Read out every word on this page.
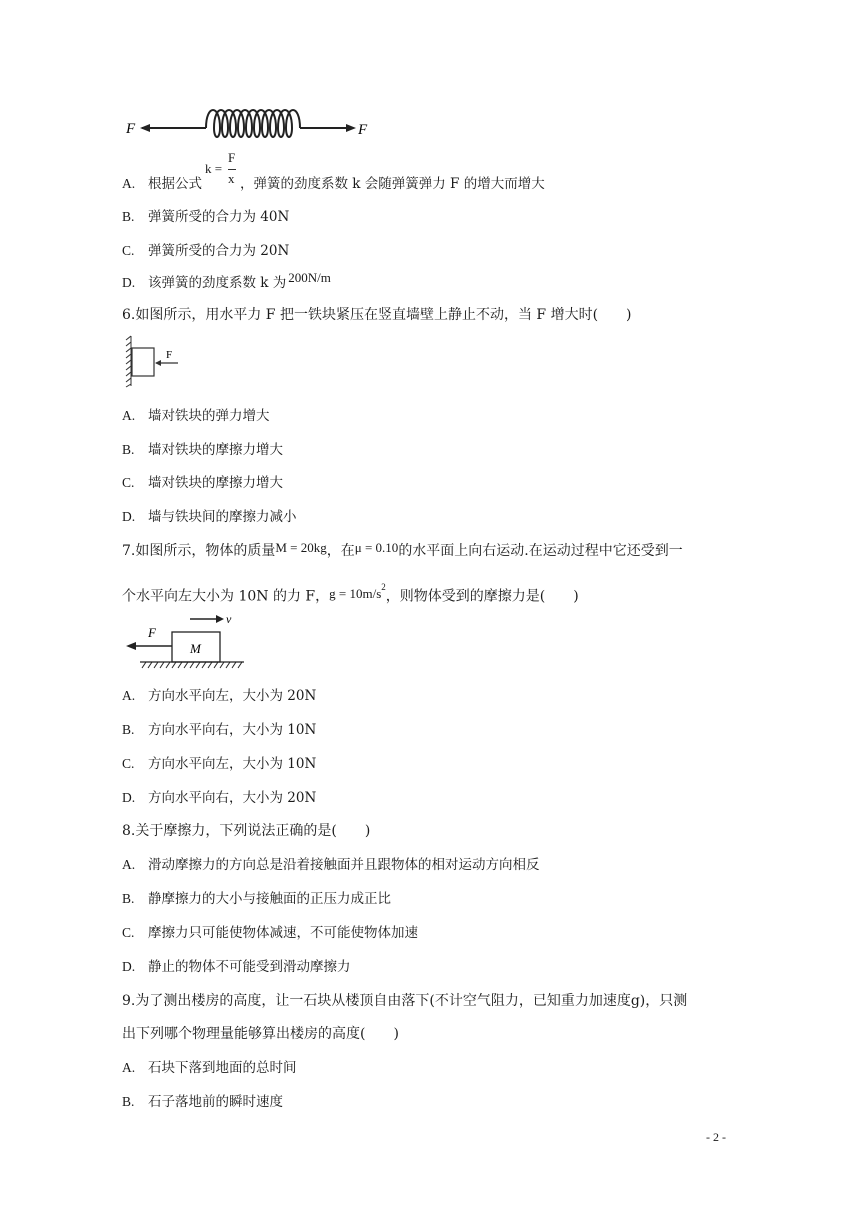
F	F
F
k =
x
A. 根据公式	，弹簧的劲度系数 k 会随弹簧弹力 F 的增大而增大
B. 弹簧所受的合力为 40N
C. 弹簧所受的合力为 20N
D. 该弹簧的劲度系数 k 为 200N/m
6.如图所示，用水平力 F 把一铁块紧压在竖直墙壁上静止不动，当 F 增大时(　　)
F
A. 墙对铁块的弹力增大
B. 墙对铁块的摩擦力增大
C. 墙对铁块的摩擦力增大
D. 墙与铁块间的摩擦力减小
7.如图所示，物体的质量M = 20kg，在μ = 0.10的水平面上向右运动.在运动过程中它还受到一
个水平向左大小为 10N 的力 F，$g = 10m/s^2$，则物体受到的摩擦力是(　　)
v
F
M
A. 方向水平向左，大小为 20N
B. 方向水平向右，大小为 10N
C. 方向水平向左，大小为 10N
D. 方向水平向右，大小为 20N
8.关于摩擦力，下列说法正确的是(　　)
A. 滑动摩擦力的方向总是沿着接触面并且跟物体的相对运动方向相反
B. 静摩擦力的大小与接触面的正压力成正比
C. 摩擦力只可能使物体减速，不可能使物体加速
D. 静止的物体不可能受到滑动摩擦力
9.为了测出楼房的高度，让一石块从楼顶自由落下(不计空气阻力，已知重力加速度g)，只测
出下列哪个物理量能够算出楼房的高度(　　)
A. 石块下落到地面的总时间
B. 石子落地前的瞬时速度
- 2 -
